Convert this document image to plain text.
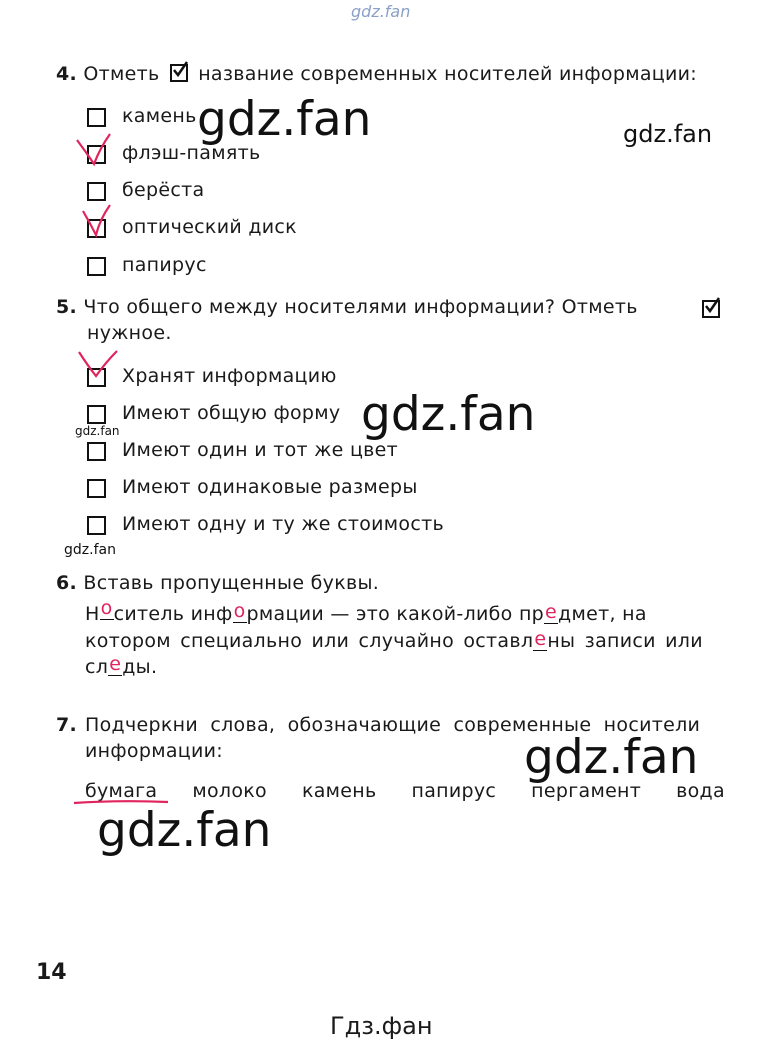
gdz.fan
4. Отметь название современных носителей информации:
камень
флэш-память
берёста
оптический диск
папирус
gdz.fan	gdz.fan
5. Что общего между носителями информации? Отметь
нужное.
Хранят информацию
Имеют общую форму
Имеют один и тот же цвет
Имеют одинаковые размеры
Имеют одну и ту же стоимость
gdz.fan
gdz.fan
gdz.fan
6. Вставь пропущенные буквы.
Носитель информации — это какой-либо предмет, на
котором специально или случайно оставлены записи или
следы.
7. Подчеркни слова, обозначающие современные носители
информации:	gdz.fan
бумага молоко камень папирус пергамент вода
gdz.fan
14
Гдз.фан
